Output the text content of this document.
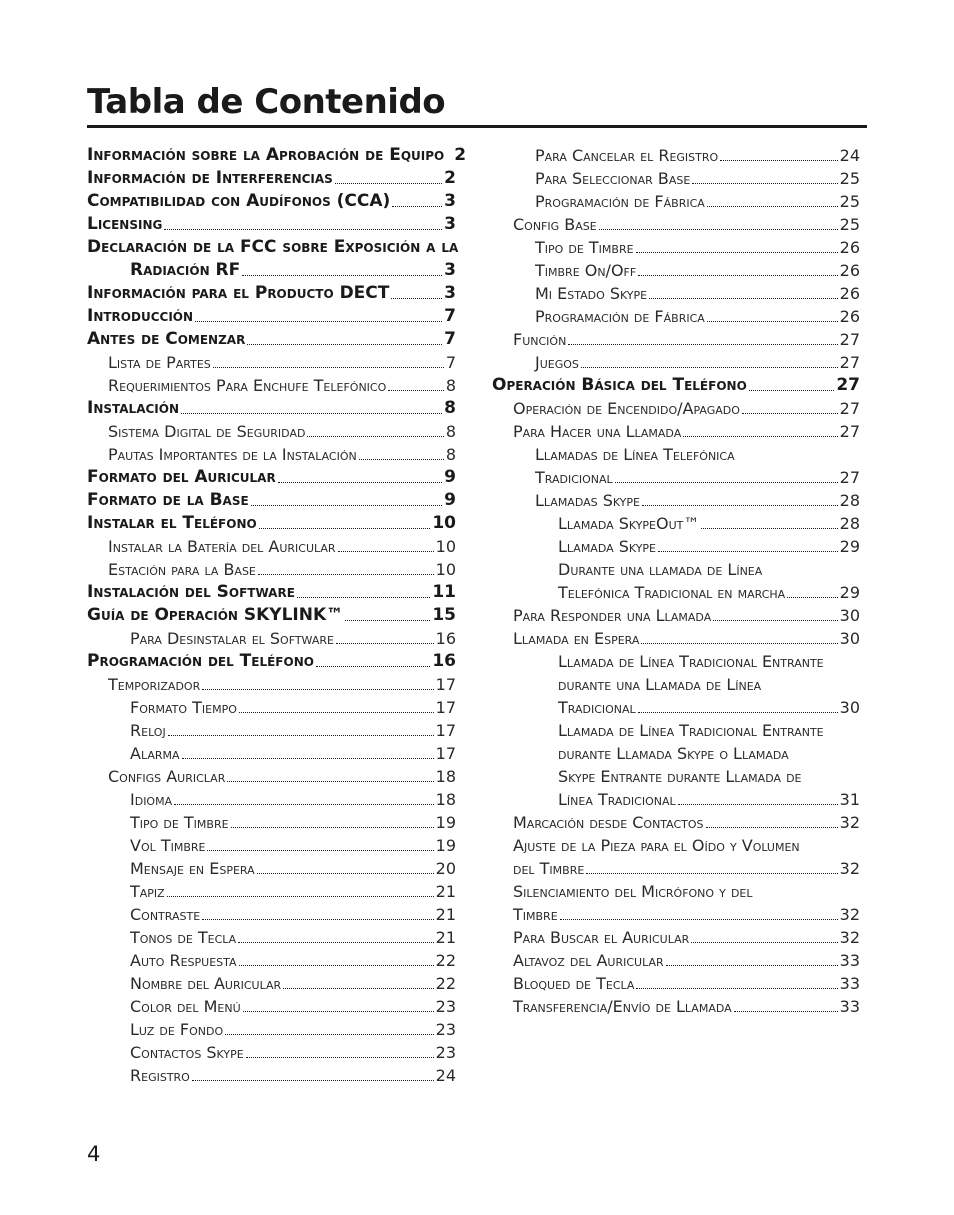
Tabla de Contenido
Información sobre la Aprobación de Equipo 2
Información de Interferencias	2
Compatibilidad con Audífonos (CCA)	3
Licensing	3
Declaración de la FCC sobre Exposición a la
Radiación RF	3
Información para el Producto DECT	3
Introducción	7
Antes de Comenzar	7
Lista de Partes	7
Requerimientos Para Enchufe Telefónico	8
Instalación	8
Sistema Digital de Seguridad	8
Pautas Importantes de la Instalación	8
Formato del Auricular	9
Formato de la Base	9
Instalar el Teléfono	10
Instalar la Batería del Auricular	10
Estación para la Base	10
Instalación del Software	11
Guía de Operación SKYLINK™	15
Para Desinstalar el Software	16
Programación del Teléfono	16
Temporizador	17
Formato Tiempo	17
Reloj	17
Alarma	17
Configs Auriclar	18
Idioma	18
Tipo de Timbre	19
Vol Timbre	19
Mensaje en Espera	20
Tapiz	21
Contraste	21
Tonos de Tecla	21
Auto Respuesta	22
Nombre del Auricular	22
Color del Menú	23
Luz de Fondo	23
Contactos Skype	23
Registro	24
Para Cancelar el Registro	24
Para Seleccionar Base	25
Programación de Fábrica	25
Config Base	25
Tipo de Timbre	26
Timbre On/Off	26
Mi Estado Skype	26
Programación de Fábrica	26
Función	27
Juegos	27
Operación Básica del Teléfono	27
Operación de Encendido/Apagado	27
Para Hacer una Llamada	27
Llamadas de Línea Telefónica
Tradicional	27
Llamadas Skype	28
Llamada SkypeOut™	28
Llamada Skype	29
Durante una llamada de Línea
Telefónica Tradicional en marcha	29
Para Responder una Llamada	30
Llamada en Espera	30
Llamada de Línea Tradicional Entrante
durante una Llamada de Línea
Tradicional	30
Llamada de Línea Tradicional Entrante
durante Llamada Skype o Llamada
Skype Entrante durante Llamada de
Línea Tradicional	31
Marcación desde Contactos	32
Ajuste de la Pieza para el Oído y Volumen
del Timbre	32
Silenciamiento del Micrófono y del
Timbre	32
Para Buscar el Auricular	32
Altavoz del Auricular	33
Bloqued de Tecla	33
Transferencia/Envío de Llamada	33
4
